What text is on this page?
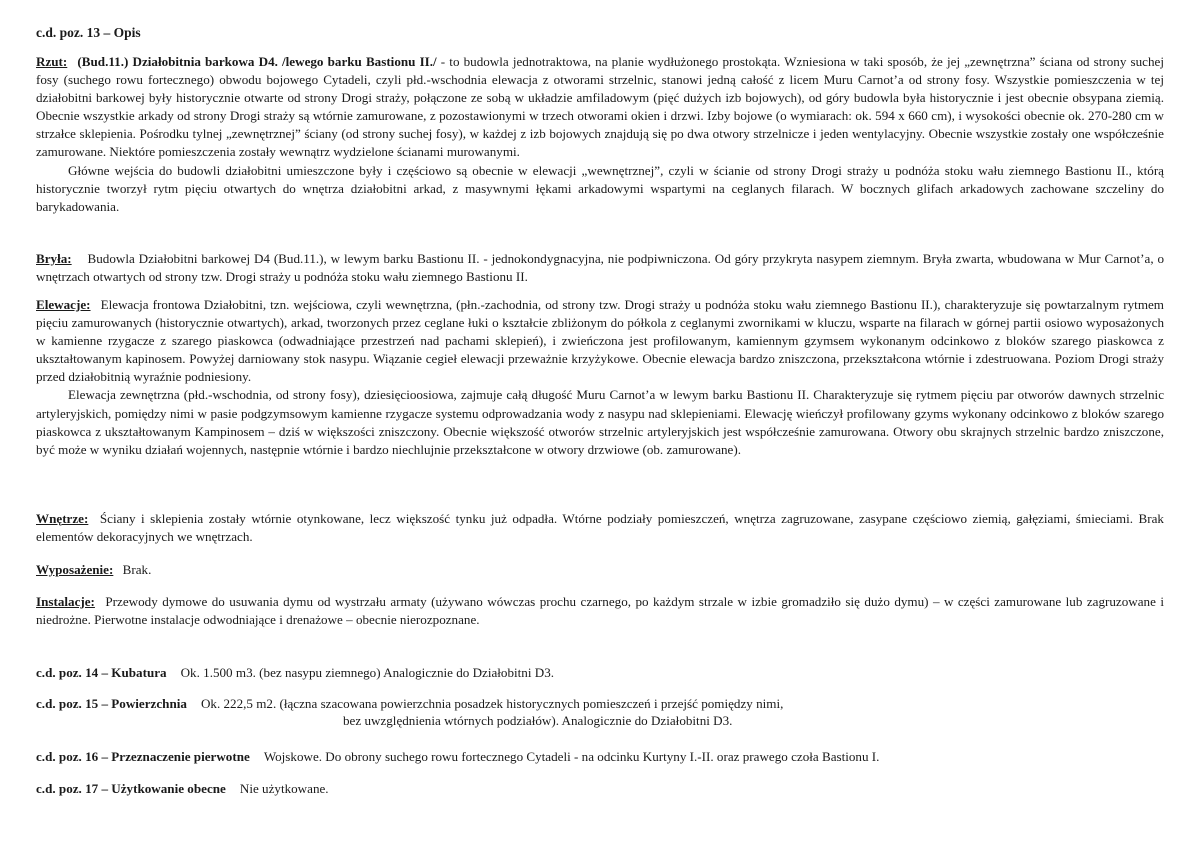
c.d. poz. 13 – Opis

Rzut: (Bud.11.) Działobitnia barkowa D4. /lewego barku Bastionu II./ - to budowla jednotraktowa, na planie wydłużonego prostokąta. Wzniesiona w taki sposób, że jej „zewnętrzna” ściana od strony suchej fosy (suchego rowu fortecznego) obwodu bojowego Cytadeli, czyli płd.-wschodnia elewacja z otworami strzelnic, stanowi jedną całość z licem Muru Carnot’a od strony fosy. Wszystkie pomieszczenia w tej działobitni barkowej były historycznie otwarte od strony Drogi straży, połączone ze sobą w układzie amfiladowym (pięć dużych izb bojowych), od góry budowla była historycznie i jest obecnie obsypana ziemią. Obecnie wszystkie arkady od strony Drogi straży są wtórnie zamurowane, z pozostawionymi w trzech otworami okien i drzwi. Izby bojowe (o wymiarach: ok. 594 x 660 cm), i wysokości obecnie ok. 270-280 cm w strzałce sklepienia. Pośrodku tylnej „zewnętrznej” ściany (od strony suchej fosy), w każdej z izb bojowych znajdują się po dwa otwory strzelnicze i jeden wentylacyjny. Obecnie wszystkie zostały one współcześnie zamurowane. Niektóre pomieszczenia zostały wewnątrz wydzielone ścianami murowanymi.

Główne wejścia do budowli działobitni umieszczone były i częściowo są obecnie w elewacji „wewnętrznej”, czyli w ścianie od strony Drogi straży u podnóża stoku wału ziemnego Bastionu II., którą historycznie tworzył rytm pięciu otwartych do wnętrza działobitni arkad, z masywnymi łękami arkadowymi wspartymi na ceglanych filarach. W bocznych glifach arkadowych zachowane szczeliny do barykadowania.

Bryła: Budowla Działobitni barkowej D4 (Bud.11.), w lewym barku Bastionu II. - jednokondygnacyjna, nie podpiwniczona. Od góry przykryta nasypem ziemnym. Bryła zwarta, wbudowana w Mur Carnot’a, o wnętrzach otwartych od strony tzw. Drogi straży u podnóża stoku wału ziemnego Bastionu II.

Elewacje: Elewacja frontowa Działobitni, tzn. wejściowa, czyli wewnętrzna, (płn.-zachodnia, od strony tzw. Drogi straży u podnóża stoku wału ziemnego Bastionu II.), charakteryzuje się powtarzalnym rytmem pięciu zamurowanych (historycznie otwartych), arkad, tworzonych przez ceglane łuki o kształcie zbliżonym do półkola z ceglanymi zwornikami w kluczu, wsparte na filarach w górnej partii osiowo wyposażonych w kamienne rzygacze z szarego piaskowca (odwadniające przestrzeń nad pachami sklepień), i zwieńczona jest profilowanym, kamiennym gzymsem wykonanym odcinkowo z bloków szarego piaskowca z ukształtowanym kapinosem. Powyżej darniowany stok nasypu. Wiązanie cegieł elewacji przeważnie krzyżykowe. Obecnie elewacja bardzo zniszczona, przekształcona wtórnie i zdestruowana. Poziom Drogi straży przed działobitnią wyraźnie podniesiony.

Elewacja zewnętrzna (płd.-wschodnia, od strony fosy), dziesięcioosiowa, zajmuje całą długość Muru Carnot’a w lewym barku Bastionu II. Charakteryzuje się rytmem pięciu par otworów dawnych strzelnic artyleryjskich, pomiędzy nimi w pasie podgzymsowym kamienne rzygacze systemu odprowadzania wody z nasypu nad sklepieniami. Elewację wieńczył profilowany gzyms wykonany odcinkowo z bloków szarego piaskowca z ukształtowanym Kampinosem – dziś w większości zniszczony. Obecnie większość otworów strzelnic artyleryjskich jest współcześnie zamurowana. Otwory obu skrajnych strzelnic bardzo zniszczone, być może w wyniku działań wojennych, następnie wtórnie i bardzo niechlujnie przekształcone w otwory drzwiowe (ob. zamurowane).

Wnętrze: Ściany i sklepienia zostały wtórnie otynkowane, lecz większość tynku już odpadła. Wtórne podziały pomieszczeń, wnętrza zagruzowane, zasypane częściowo ziemią, gałęziami, śmieciami. Brak elementów dekoracyjnych we wnętrzach.

Wyposażenie: Brak.

Instalacje: Przewody dymowe do usuwania dymu od wystrzału armaty (używano wówczas prochu czarnego, po każdym strzale w izbie gromadziło się dużo dymu) – w części zamurowane lub zagruzowane i niedrożne. Pierwotne instalacje odwodniające i drenażowe – obecnie nierozpoznane.

c.d. poz. 14 – Kubatura Ok. 1.500 m3. (bez nasypu ziemnego) Analogicznie do Działobitni D3.
c.d. poz. 15 – Powierzchnia Ok. 222,5 m2. (łączna szacowana powierzchnia posadzek historycznych pomieszczeń i przejść pomiędzy nimi,
bez uwzględnienia wtórnych podziałów). Analogicznie do Działobitni D3.
c.d. poz. 16 – Przeznaczenie pierwotne Wojskowe. Do obrony suchego rowu fortecznego Cytadeli - na odcinku Kurtyny I.-II. oraz prawego czoła Bastionu I.
c.d. poz. 17 – Użytkowanie obecne Nie użytkowane.
